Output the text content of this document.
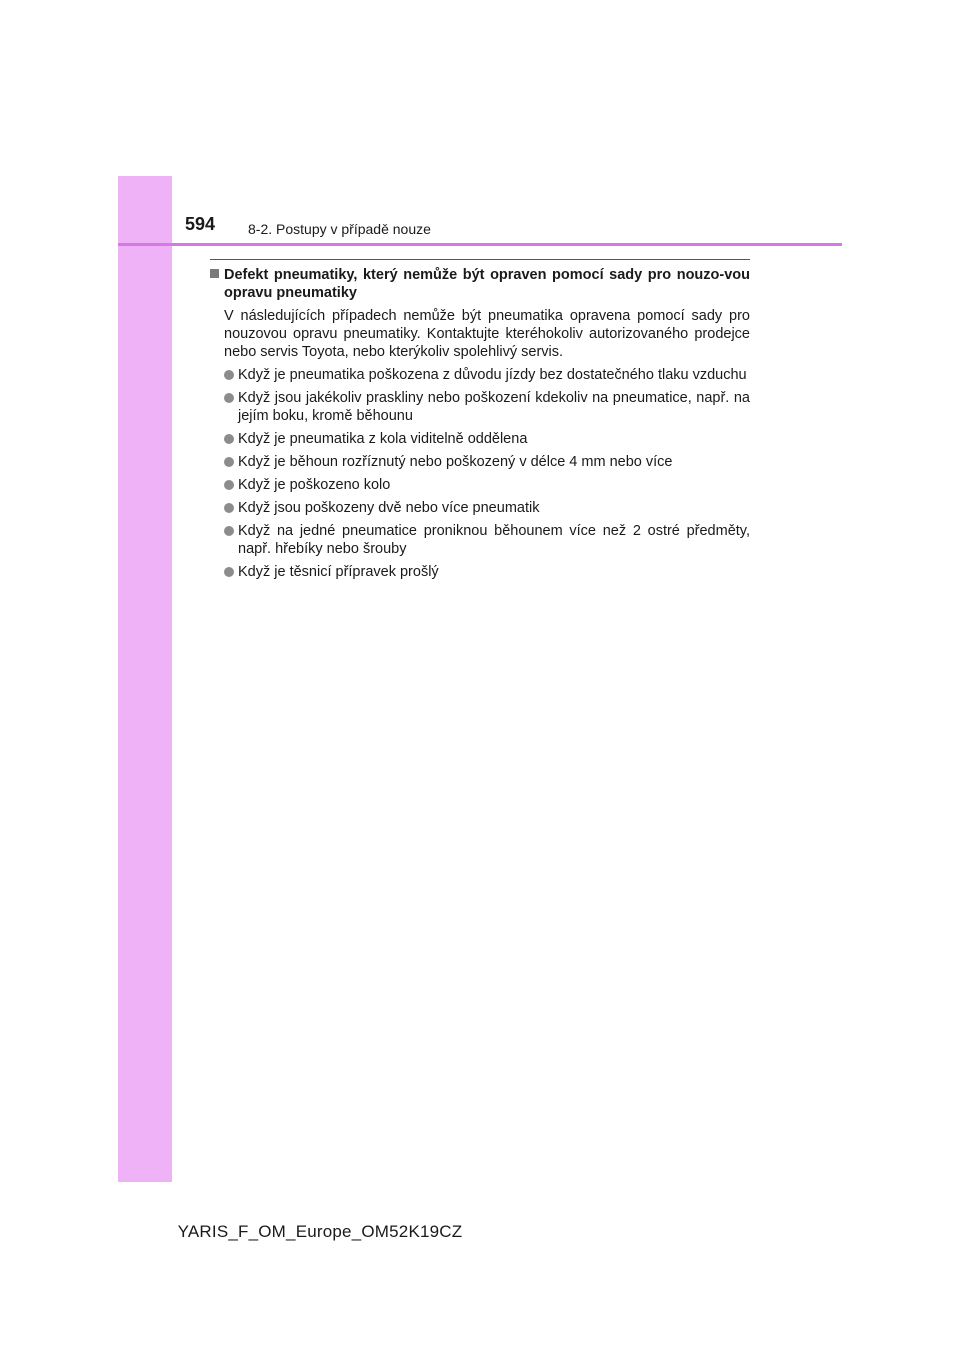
594 8-2. Postupy v případě nouze

Defekt pneumatiky, který nemůže být opraven pomocí sady pro nouzo-vou opravu pneumatiky

V následujících případech nemůže být pneumatika opravena pomocí sady pro nouzovou opravu pneumatiky. Kontaktujte kteréhokoliv autorizovaného prodejce nebo servis Toyota, nebo kterýkoliv spolehlivý servis.

Když je pneumatika poškozena z důvodu jízdy bez dostatečného tlaku vzduchu
Když jsou jakékoliv praskliny nebo poškození kdekoliv na pneumatice, např. na jejím boku, kromě běhounu
Když je pneumatika z kola viditelně oddělena
Když je běhoun rozříznutý nebo poškozený v délce 4 mm nebo více
Když je poškozeno kolo
Když jsou poškozeny dvě nebo více pneumatik
Když na jedné pneumatice proniknou běhounem více než 2 ostré předměty, např. hřebíky nebo šrouby
Když je těsnicí přípravek prošlý
YARIS_F_OM_Europe_OM52K19CZ
